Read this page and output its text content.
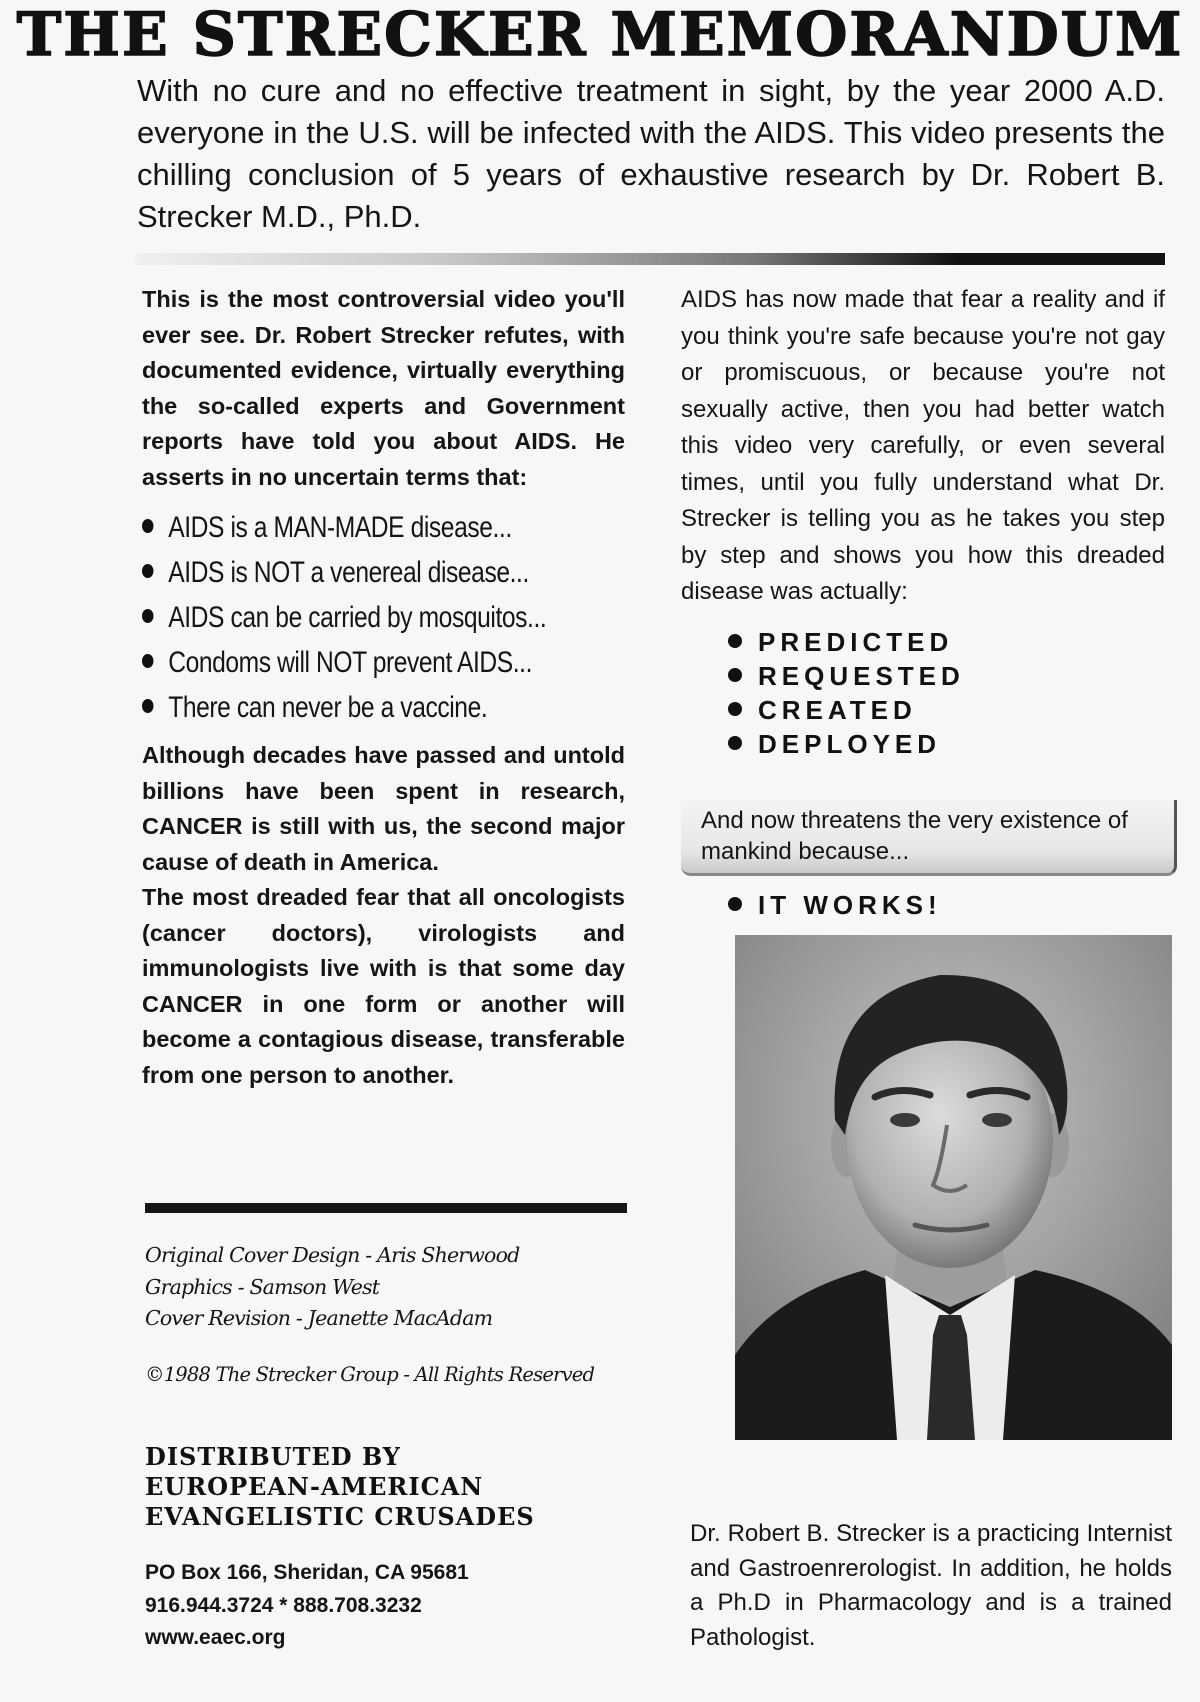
THE STRECKER MEMORANDUM
With no cure and no effective treatment in sight, by the year 2000 A.D. everyone in the U.S. will be infected with the AIDS. This video presents the chilling conclusion of 5 years of exhaustive research by Dr. Robert B. Strecker M.D., Ph.D.

This is the most controversial video you'll ever see. Dr. Robert Strecker refutes, with documented evidence, virtually everything the so-called experts and Government reports have told you about AIDS. He asserts in no uncertain terms that:

AIDS is a MAN-MADE disease...
AIDS is NOT a venereal disease...
AIDS can be carried by mosquitos...
Condoms will NOT prevent AIDS...
There can never be a vaccine.

Although decades have passed and untold billions have been spent in research, CANCER is still with us, the second major cause of death in America.

The most dreaded fear that all oncologists (cancer doctors), virologists and immunologists live with is that some day CANCER in one form or another will become a contagious disease, transferable from one person to another.

Original Cover Design - Aris Sherwood
Graphics - Samson West
Cover Revision - Jeanette MacAdam
©1988 The Strecker Group - All Rights Reserved
DISTRIBUTED BY
EUROPEAN-AMERICAN
EVANGELISTIC CRUSADES
PO Box 166, Sheridan, CA 95681
916.944.3724 * 888.708.3232
www.eaec.org

AIDS has now made that fear a reality and if you think you're safe because you're not gay or promiscuous, or because you're not sexually active, then you had better watch this video very carefully, or even several times, until you fully understand what Dr. Strecker is telling you as he takes you step by step and shows you how this dreaded disease was actually:

PREDICTED
REQUESTED
CREATED
DEPLOYED
And now threatens the very existence of mankind because...
IT WORKS!
Dr. Robert B. Strecker is a practicing Internist and Gastroenrerologist. In addition, he holds a Ph.D in Pharmacology and is a trained Pathologist.
